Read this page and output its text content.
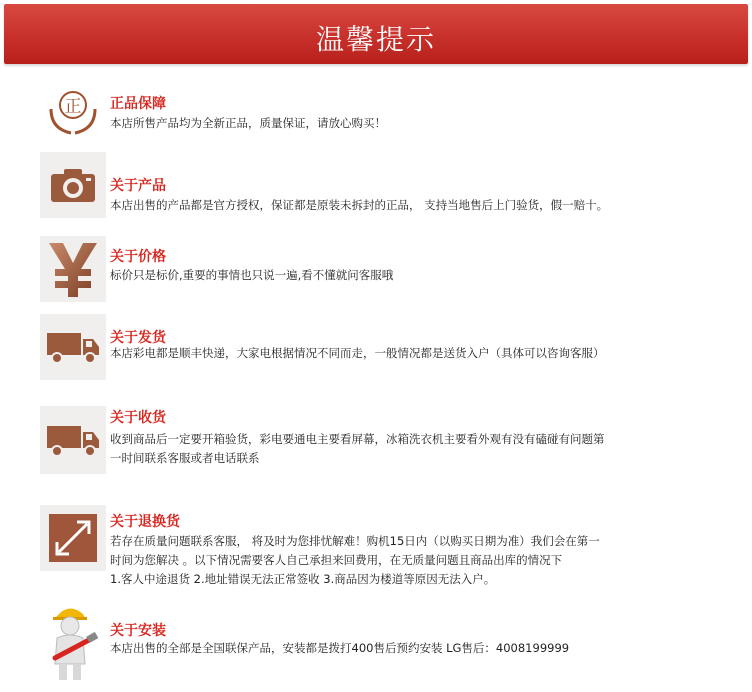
温馨提示
正 正品保障
本店所售产品均为全新正品，质量保证，请放心购买！
关于产品
本店出售的产品都是官方授权，保证都是原装未拆封的正品， 支持当地售后上门验货，假一赔十。
关于价格
标价只是标价,重要的事情也只说一遍,看不懂就问客服哦
关于发货
本店彩电都是顺丰快递，大家电根据情况不同而走，一般情况都是送货入户（具体可以咨询客服）
关于收货
收到商品后一定要开箱验货，彩电要通电主要看屏幕，冰箱洗衣机主要看外观有没有磕碰有问题第
一时间联系客服或者电话联系
关于退换货
若存在质量问题联系客服， 将及时为您排忧解难！购机15日内（以购买日期为准）我们会在第一
时间为您解决 。以下情况需要客人自己承担来回费用，在无质量问题且商品出库的情况下
1.客人中途退货 2.地址错误无法正常签收 3.商品因为楼道等原因无法入户。
关于安装
本店出售的全部是全国联保产品，安装都是拨打400售后预约安装 LG售后：4008199999
